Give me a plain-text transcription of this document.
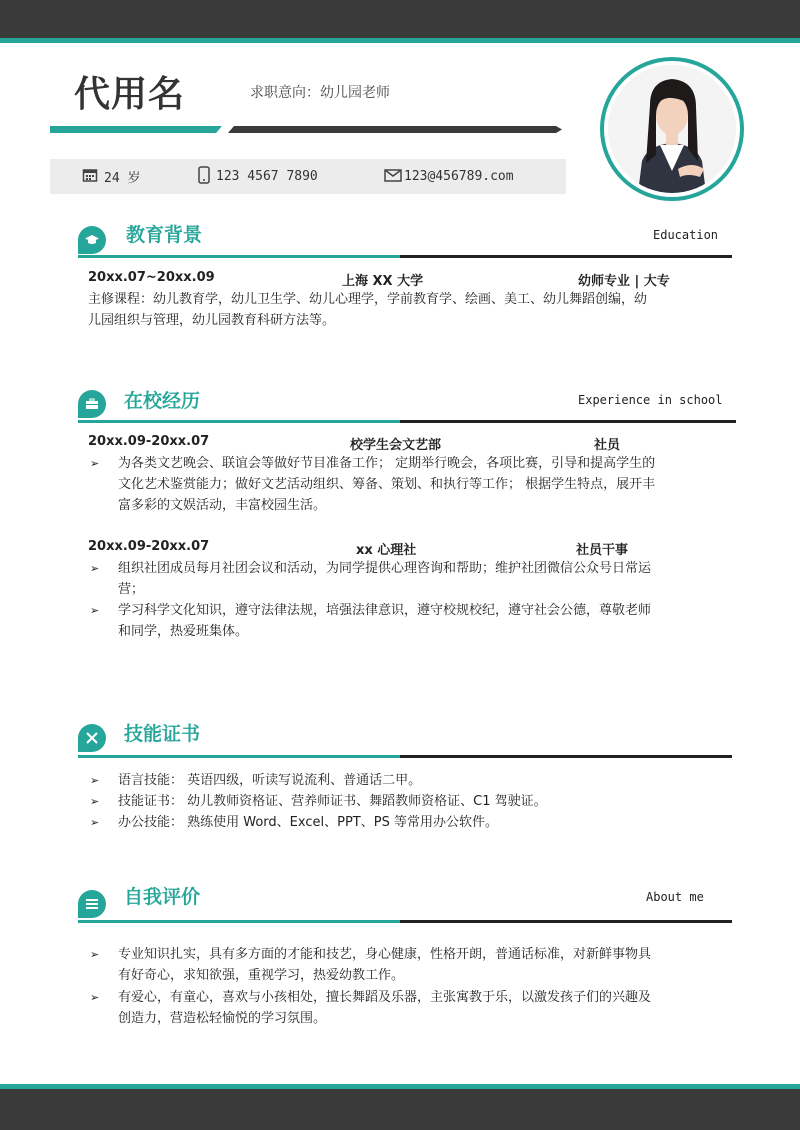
代用名	求职意向：幼儿园老师
24 岁	123 4567 7890	123@456789.com
教育背景	Education
20xx.07~20xx.09	上海 XX 大学	幼师专业 | 大专
主修课程：幼儿教育学，幼儿卫生学、幼儿心理学，学前教育学、绘画、美工、幼儿舞蹈创编，幼
儿园组织与管理，幼儿园教育科研方法等。
在校经历	Experience in school
20xx.09-20xx.07	校学生会文艺部	社员
➢ 为各类文艺晚会、联谊会等做好节目准备工作； 定期举行晚会，各项比赛，引导和提高学生的
文化艺术鉴赏能力；做好文艺活动组织、筹备、策划、和执行等工作； 根据学生特点，展开丰
富多彩的文娱活动，丰富校园生活。
20xx.09-20xx.07	xx 心理社	社员干事
➢ 组织社团成员每月社团会议和活动，为同学提供心理咨询和帮助；维护社团微信公众号日常运
营；
➢ 学习科学文化知识，遵守法律法规，培强法律意识，遵守校规校纪，遵守社会公德，尊敬老师
和同学，热爱班集体。
技能证书
➢ 语言技能： 英语四级，听读写说流利、普通话二甲。
➢ 技能证书： 幼儿教师资格证、营养师证书、舞蹈教师资格证、C1 驾驶证。
➢ 办公技能： 熟练使用 Word、Excel、PPT、PS 等常用办公软件。
自我评价	About me
➢ 专业知识扎实，具有多方面的才能和技艺，身心健康，性格开朗，普通话标准，对新鲜事物具
有好奇心，求知欲强，重视学习，热爱幼教工作。
➢ 有爱心，有童心，喜欢与小孩相处，擅长舞蹈及乐器，主张寓教于乐，以激发孩子们的兴趣及
创造力，营造松轻愉悦的学习氛围。
